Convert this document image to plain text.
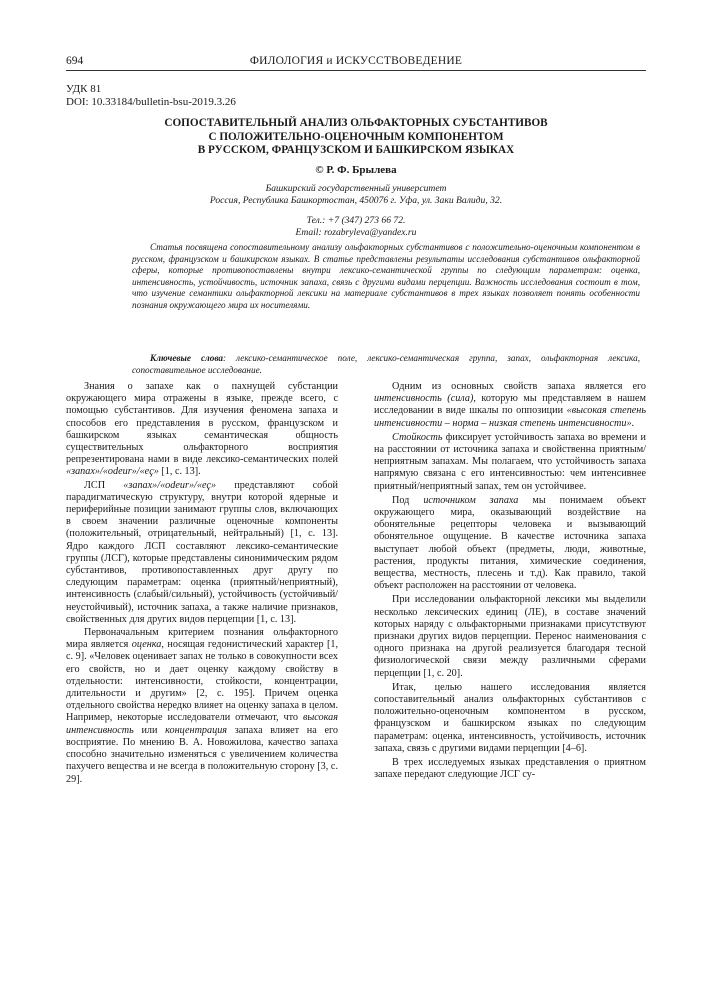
694	ФИЛОЛОГИЯ и ИСКУССТВОВЕДЕНИЕ
УДК 81
DOI: 10.33184/bulletin-bsu-2019.3.26
СОПОСТАВИТЕЛЬНЫЙ АНАЛИЗ ОЛЬФАКТОРНЫХ СУБСТАНТИВОВ
С ПОЛОЖИТЕЛЬНО-ОЦЕНОЧНЫМ КОМПОНЕНТОМ
В РУССКОМ, ФРАНЦУЗСКОМ И БАШКИРСКОМ ЯЗЫКАХ
© Р. Ф. Брылева
Башкирский государственный университет
Россия, Республика Башкортостан, 450076 г. Уфа, ул. Заки Валиди, 32.
Тел.: +7 (347) 273 66 72.
Email: rozabryleva@yandex.ru

Статья посвящена сопоставительному анализу ольфакторных субстантивов с положительно-оценочным компонентом в русском, французском и башкирском языках. В статье представлены результаты исследования субстантивов ольфакторной сферы, которые противопоставлены внутри лексико-семантической группы по следующим параметрам: оценка, интенсивность, устойчивость, источник запаха, связь с другими видами перцепции. Важность исследования состоит в том, что изучение семантики ольфакторной лексики на материале субстантивов в трех языках позволяет понять особенности познания окружающего мира их носителями.

Ключевые слова: лексико-семантическое поле, лексико-семантическая группа, запах, ольфакторная лексика, сопоставительное исследование.

Знания о запахе как о пахнущей субстанции окружающего мира отражены в языке, прежде всего, с помощью субстантивов. Для изучения феномена запаха и способов его представления в русском, французском и башкирском языках семантическая общность существительных ольфакторного восприятия репрезентирована нами в виде лексико-семантических полей «запах»/«odeur»/«еҫ» [1, с. 13].

ЛСП «запах»/«odeur»/«еҫ» представляют собой парадигматическую структуру, внутри которой ядерные и периферийные позиции занимают группы слов, включающих в своем значении различные оценочные компоненты (положительный, отрицательный, нейтральный) [1, с. 13]. Ядро каждого ЛСП составляют лексико-семантические группы (ЛСГ), которые представлены синонимическим рядом субстантивов, противопоставленных друг другу по следующим параметрам: оценка (приятный/неприятный), интенсивность (слабый/сильный), устойчивость (устойчивый/неустойчивый), источник запаха, а также наличие признаков, свойственных для других видов перцепции [1, с. 13].

Первоначальным критерием познания ольфакторного мира является оценка, носящая гедонистический характер [1, с. 9]. «Человек оценивает запах не только в совокупности всех его свойств, но и дает оценку каждому свойству в отдельности: интенсивности, стойкости, концентрации, длительности и другим» [2, с. 195]. Причем оценка отдельного свойства нередко влияет на оценку запаха в целом. Например, некоторые исследователи отмечают, что высокая интенсивность или концентрация запаха влияет на его восприятие. По мнению В. А. Новожилова, качество запаха способно значительно изменяться с увеличением количества пахучего вещества и не всегда в положительную сторону [3, с. 29].

Одним из основных свойств запаха является его интенсивность (сила), которую мы представляем в нашем исследовании в виде шкалы по оппозиции «высокая степень интенсивности – норма – низкая степень интенсивности».

Стойкость фиксирует устойчивость запаха во времени и на расстоянии от источника запаха и свойственна приятным/неприятным запахам. Мы полагаем, что устойчивость запаха напрямую связана с его интенсивностью: чем интенсивнее приятный/неприятный запах, тем он устойчивее.

Под источником запаха мы понимаем объект окружающего мира, оказывающий воздействие на обонятельные рецепторы человека и вызывающий обонятельное ощущение. В качестве источника запаха выступает любой объект (предметы, люди, животные, растения, продукты питания, химические соединения, вещества, местность, плесень и т.д). Как правило, такой объект расположен на расстоянии от человека.

При исследовании ольфакторной лексики мы выделили несколько лексических единиц (ЛЕ), в составе значений которых наряду с ольфакторными признаками присутствуют признаки других видов перцепции. Перенос наименования с одного признака на другой реализуется благодаря тесной физиологической связи между различными сферами перцепции [1, с. 20].

Итак, целью нашего исследования является сопоставительный анализ ольфакторных субстантивов с положительно-оценочным компонентом в русском, французском и башкирском языках по следующим параметрам: оценка, интенсивность, устойчивость, источник запаха, связь с другими видами перцепции [4–6].

В трех исследуемых языках представления о приятном запахе передают следующие ЛСГ су-
